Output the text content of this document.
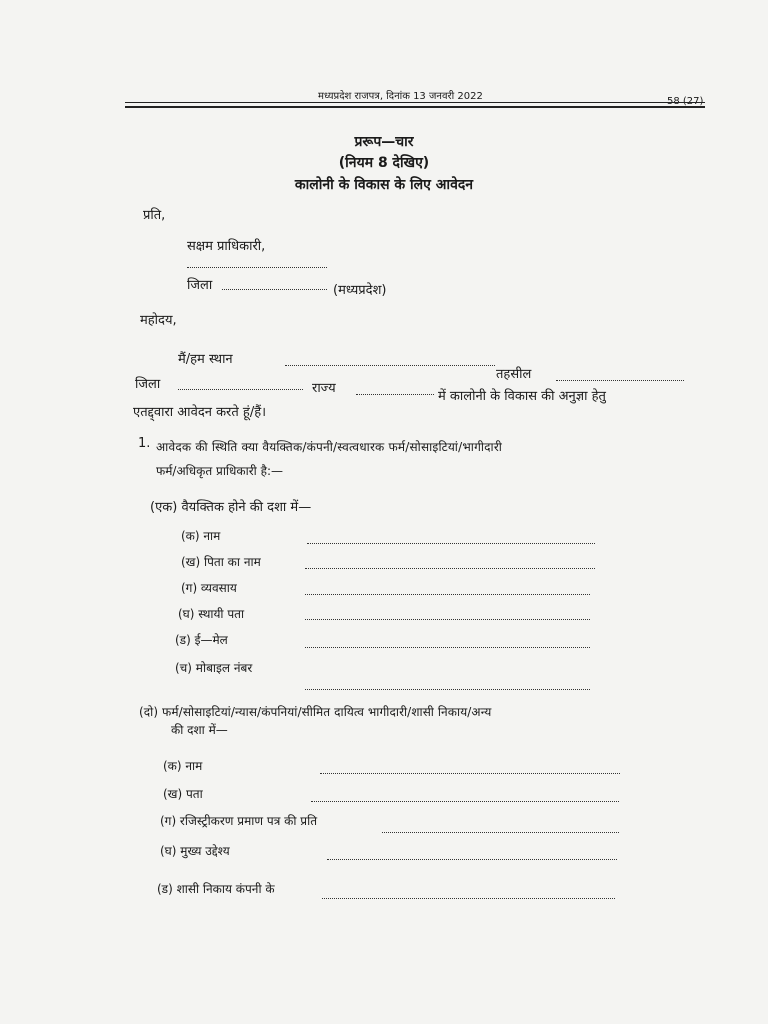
मध्यप्रदेश राजपत्र, दिनांक 13 जनवरी 2022
प्ररूप—चार
(नियम 8 देखिए)
कालोनी के विकास के लिए आवेदन
प्रति,
सक्षम प्राधिकारी,
जिला	(मध्यप्रदेश)
महोदय,
मैं/हम स्थान
तहसील
जिला	राज्य
में कालोनी के विकास की अनुज्ञा हेतु
एतद्द्वारा आवेदन करते हूं/हैं।
1. आवेदक की स्थिति क्या वैयक्तिक/कंपनी/स्वत्वधारक फर्म/सोसाइटियां/भागीदारी
फर्म/अधिकृत प्राधिकारी है:—
(एक) वैयक्तिक होने की दशा में—
(क) नाम
(ख) पिता का नाम
(ग) व्यवसाय
(घ) स्थायी पता
(ड) ई—मेल
(च) मोबाइल नंबर
(दो) फर्म/सोसाइटियां/न्यास/कंपनियां/सीमित दायित्व भागीदारी/शासी निकाय/अन्य
की दशा में—
(क) नाम
(ख) पता
(ग) रजिस्ट्रीकरण प्रमाण पत्र की प्रति
(घ) मुख्य उद्देश्य
(ड) शासी निकाय कंपनी के
